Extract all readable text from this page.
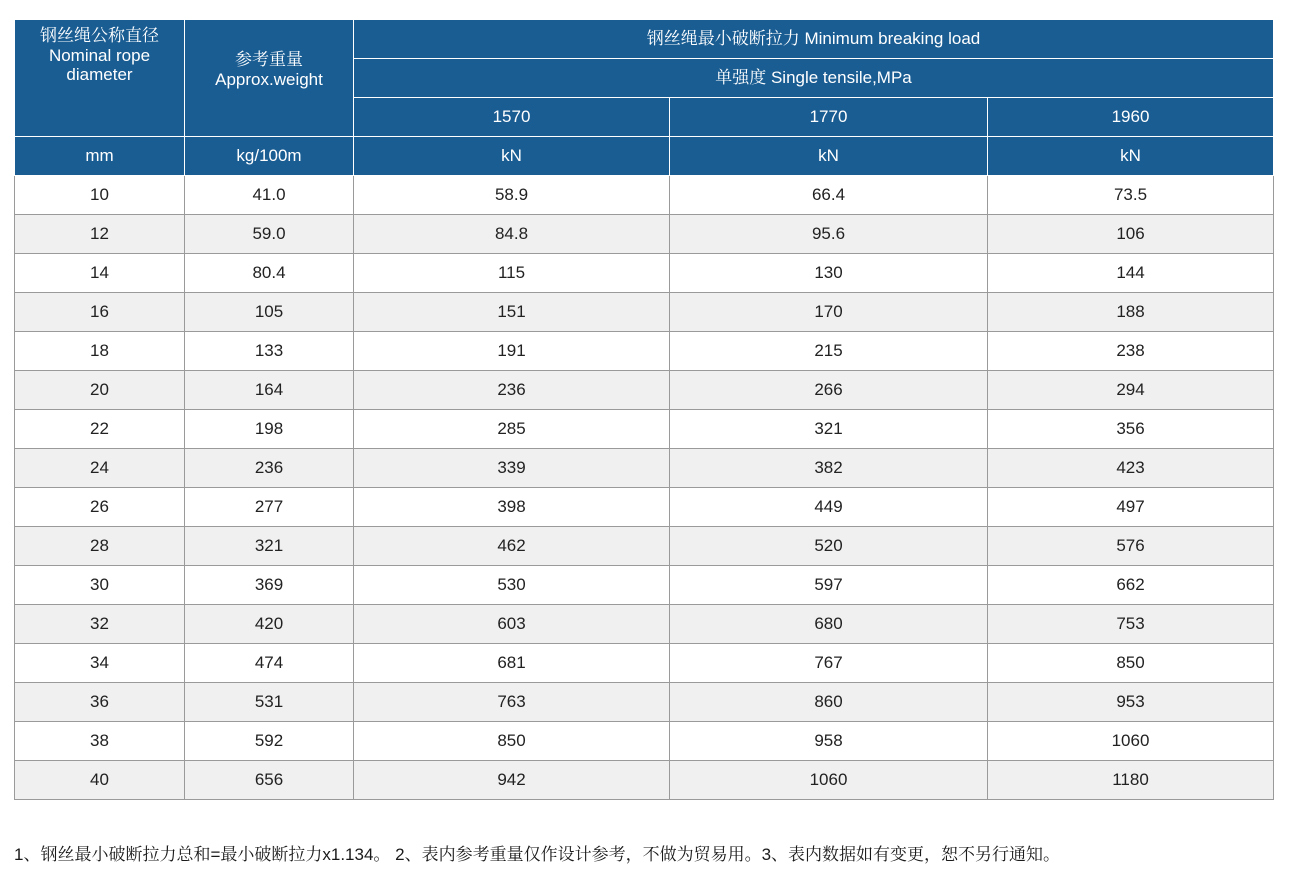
钢丝绳公称直径
Nominal rope
diameter	参考重量
Approx.weight	钢丝绳最小破断拉力 Minimum breaking load		
		单强度 Single tensile,MPa		
		1570	1770	1960
mm	kg/100m	kN	kN	kN
10	41.0	58.9	66.4	73.5
12	59.0	84.8	95.6	106
14	80.4	115	130	144
16	105	151	170	188
18	133	191	215	238
20	164	236	266	294
22	198	285	321	356
24	236	339	382	423
26	277	398	449	497
28	321	462	520	576
30	369	530	597	662
32	420	603	680	753
34	474	681	767	850
36	531	763	860	953
38	592	850	958	1060
40	656	942	1060	1180
1、钢丝最小破断拉力总和=最小破断拉力x1.134。 2、表内参考重量仅作设计参考，不做为贸易用。3、表内数据如有变更，恕不另行通知。
